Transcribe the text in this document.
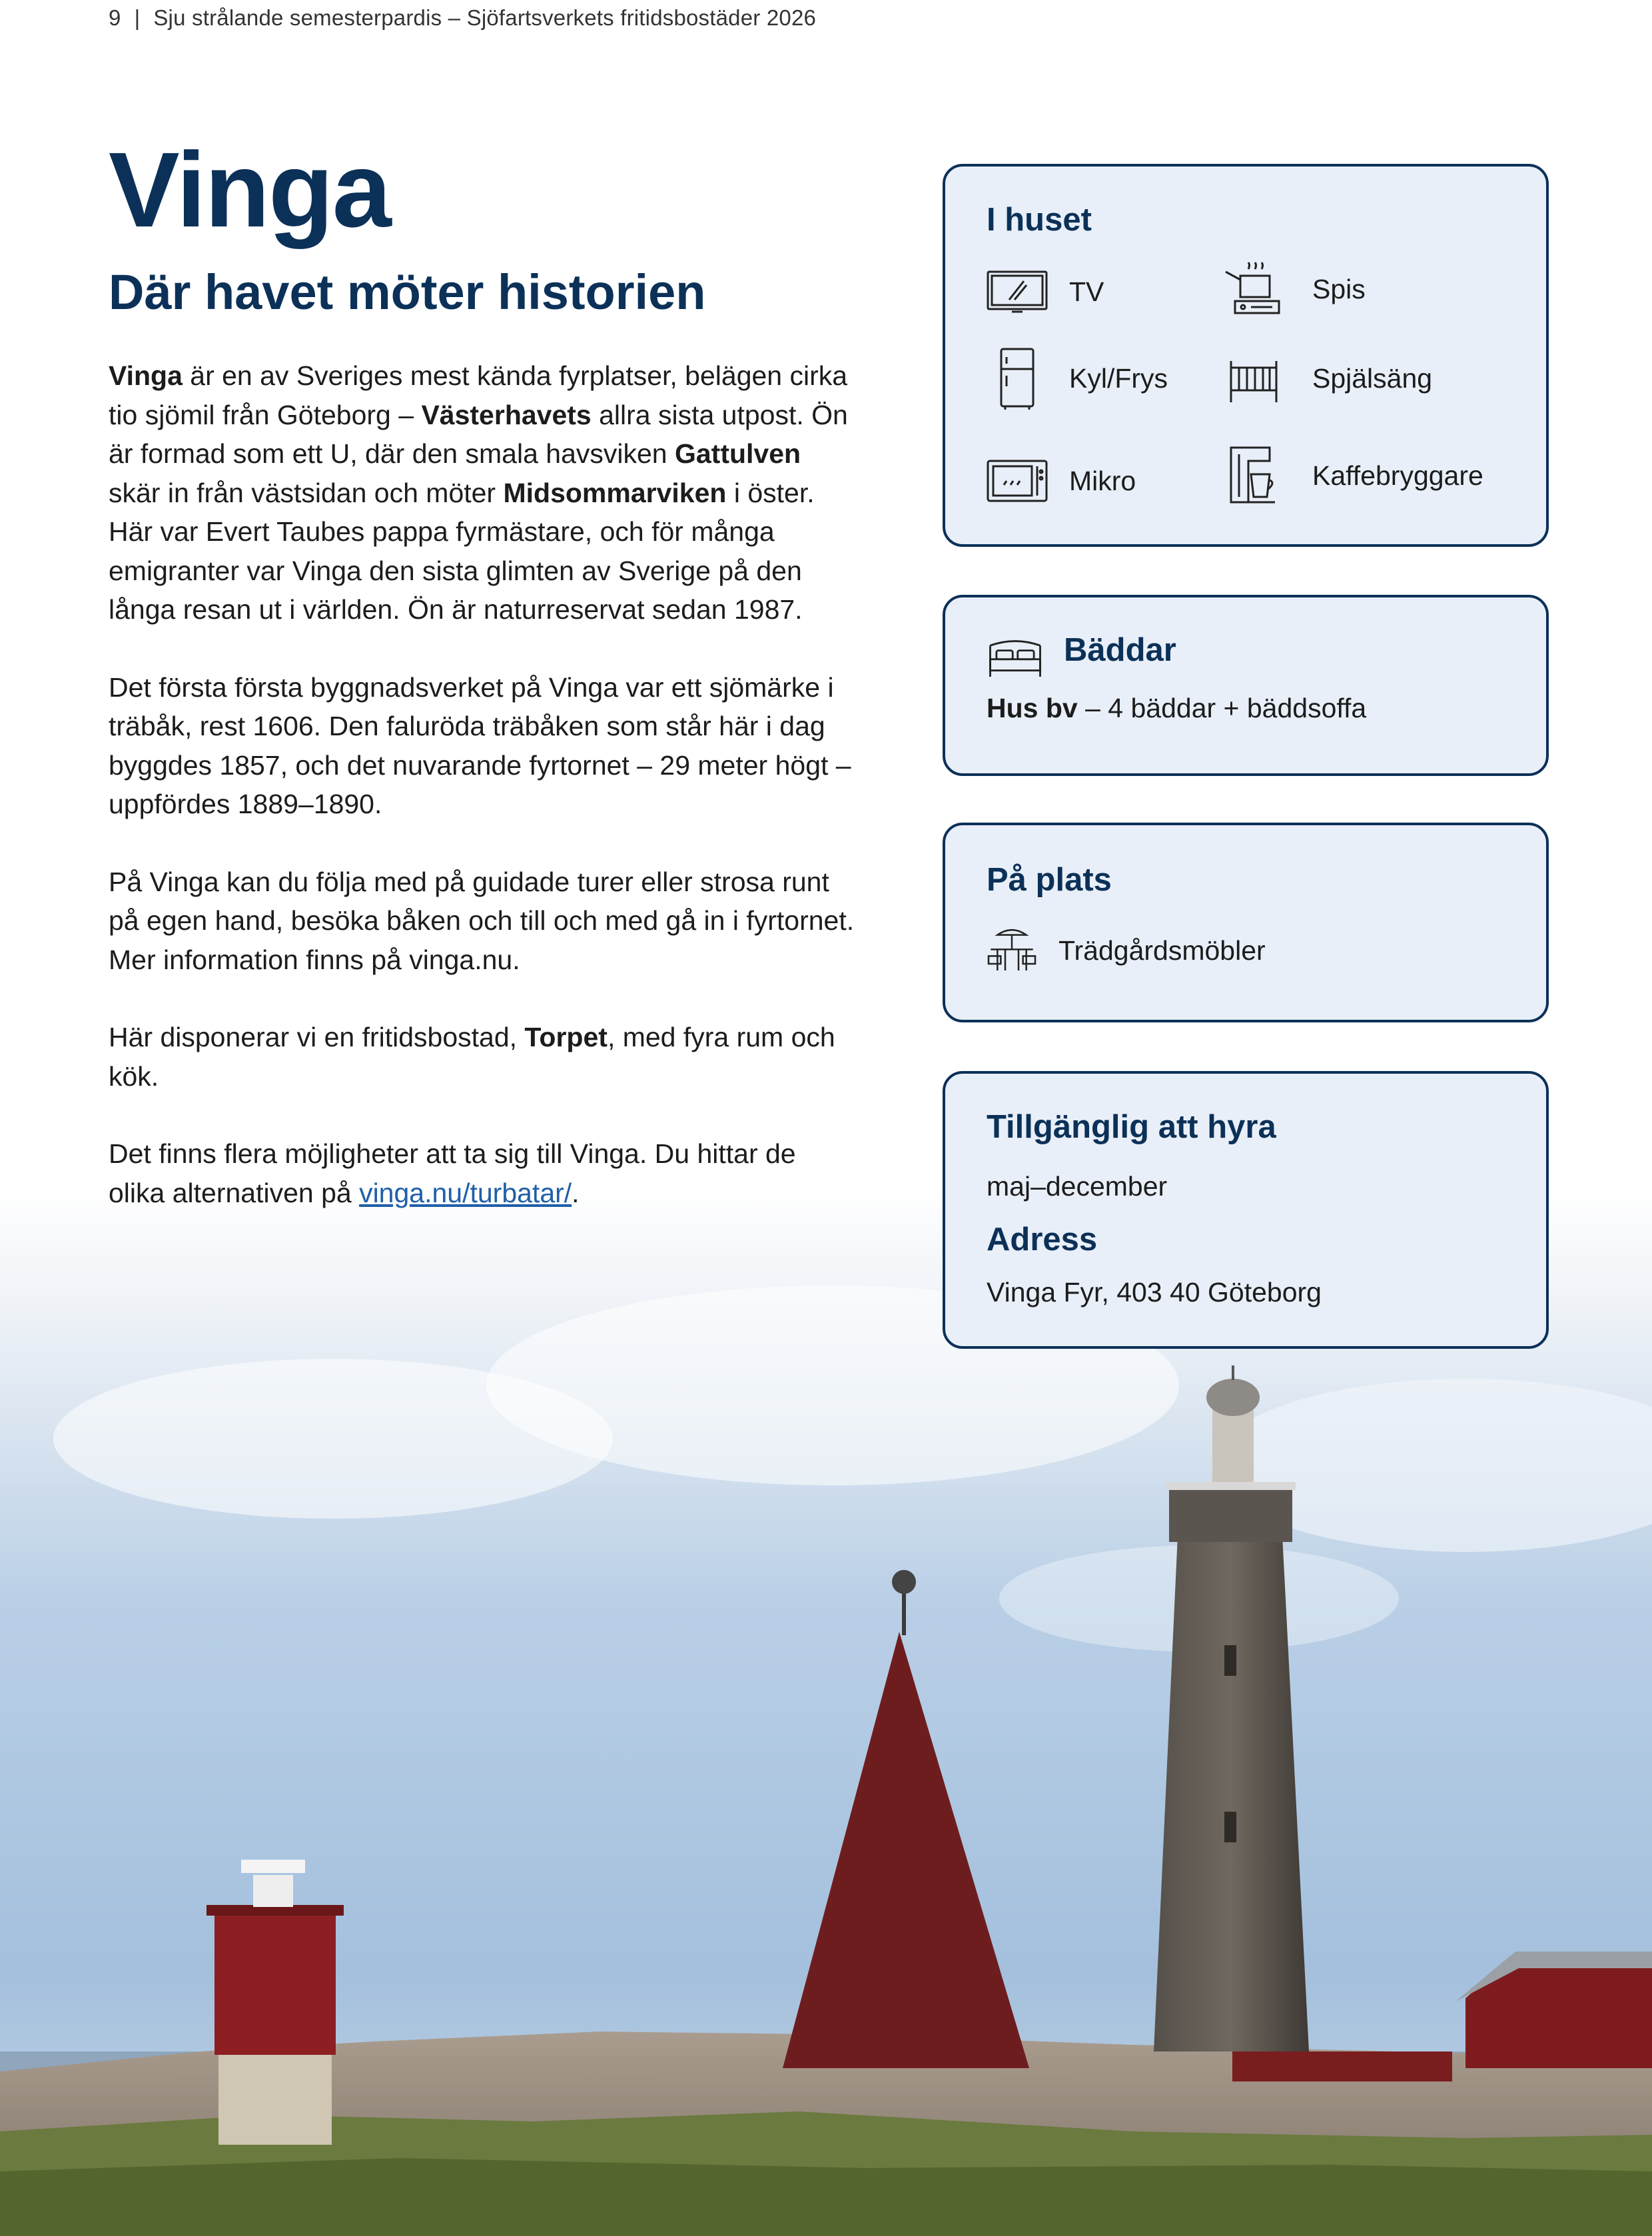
9 | Sju strålande semesterpardis – Sjöfartsverkets fritidsbostäder 2026
Vinga
Där havet möter historien

Vinga är en av Sveriges mest kända fyrplatser, belägen cirka tio sjömil från Göteborg – Västerhavets allra sista utpost. Ön är formad som ett U, där den smala havsviken Gattulven skär in från västsidan och möter Midsommarviken i öster. Här var Evert Taubes pappa fyrmästare, och för många emigranter var Vinga den sista glimten av Sverige på den långa resan ut i världen. Ön är naturreservat sedan 1987.

Det första första byggnadsverket på Vinga var ett sjömärke i träbåk, rest 1606. Den faluröda träbåken som står här i dag byggdes 1857, och det nuvarande fyrtornet – 29 meter högt – uppfördes 1889–1890.

På Vinga kan du följa med på guidade turer eller strosa runt på egen hand, besöka båken och till och med gå in i fyrtornet. Mer information finns på vinga.nu.

Här disponerar vi en fritidsbostad, Torpet, med fyra rum och kök.

Det finns flera möjligheter att ta sig till Vinga. Du hittar de olika alternativen på vinga.nu/turbatar/.

I huset
TV	Spis
Kyl/Frys	Spjälsäng
Mikro	Kaffebryggare
Bäddar
Hus bv – 4 bäddar + bäddsoffa
På plats
Trädgårdsmöbler
Tillgänglig att hyra
maj–december
Adress
Vinga Fyr, 403 40 Göteborg
